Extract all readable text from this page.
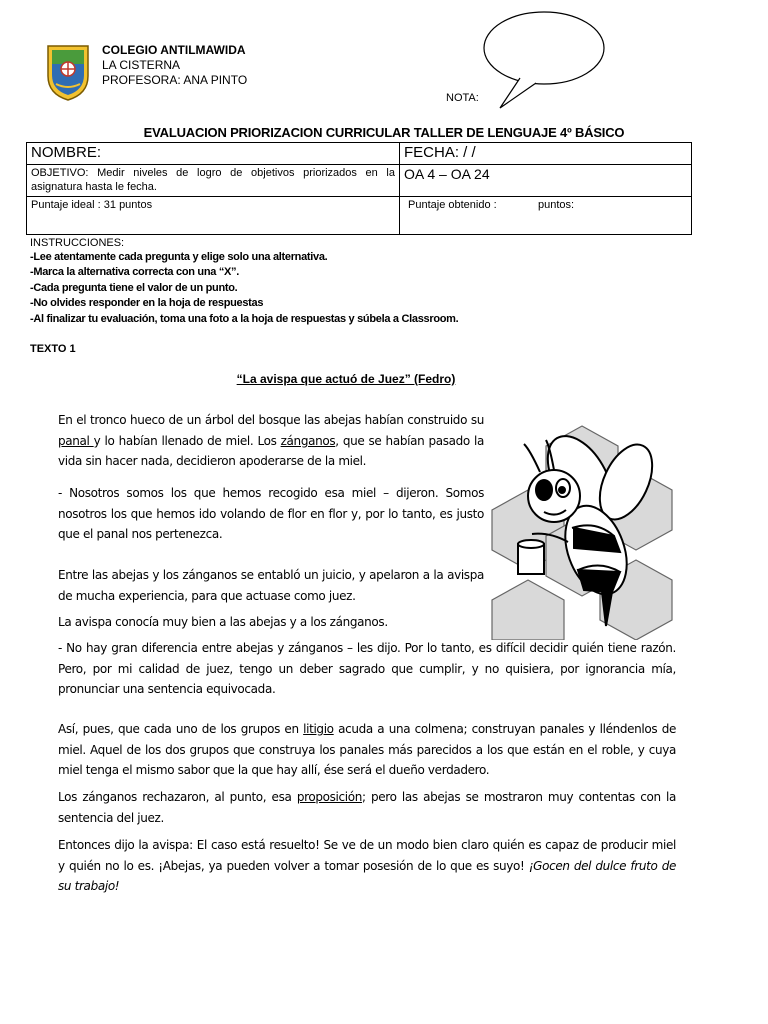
COLEGIO ANTILMAWIDA
LA CISTERNA
PROFESORA: ANA PINTO
NOTA:
EVALUACION PRIORIZACION CURRICULAR TALLER DE LENGUAJE 4º BÁSICO
NOMBRE:	FECHA: / /
OBJETIVO: Medir niveles de logro de objetivos priorizados en la asignatura hasta le fecha.	OA 4 – OA 24
Puntaje ideal : 31 puntos	Puntaje obtenido : puntos:
INSTRUCCIONES:
-Lee atentamente cada pregunta y elige solo una alternativa.
-Marca la alternativa correcta con una “X”.
-Cada pregunta tiene el valor de un punto.
-No olvides responder en la hoja de respuestas
-Al finalizar tu evaluación, toma una foto a la hoja de respuestas y súbela a Classroom.
TEXTO 1
“La avispa que actuó de Juez” (Fedro)
En el tronco hueco de un árbol del bosque las abejas habían construido su panal y lo habían llenado de miel. Los zánganos, que se habían pasado la vida sin hacer nada, decidieron apoderarse de la miel.
- Nosotros somos los que hemos recogido esa miel – dijeron. Somos nosotros los que hemos ido volando de flor en flor y, por lo tanto, es justo que el panal nos pertenezca.
Entre las abejas y los zánganos se entabló un juicio, y apelaron a la avispa de mucha experiencia, para que actuase como juez.
La avispa conocía muy bien a las abejas y a los zánganos.
- No hay gran diferencia entre abejas y zánganos – les dijo. Por lo tanto, es difícil decidir quién tiene razón. Pero, por mi calidad de juez, tengo un deber sagrado que cumplir, y no quisiera, por ignorancia mía, pronunciar una sentencia equivocada.
Así, pues, que cada uno de los grupos en litigio acuda a una colmena; construyan panales y lléndenlos de miel. Aquel de los dos grupos que construya los panales más parecidos a los que están en el roble, y cuya miel tenga el mismo sabor que la que hay allí, ése será el dueño verdadero.
Los zánganos rechazaron, al punto, esa proposición; pero las abejas se mostraron muy contentas con la sentencia del juez.
Entonces dijo la avispa: El caso está resuelto! Se ve de un modo bien claro quién es capaz de producir miel y quién no lo es. ¡Abejas, ya pueden volver a tomar posesión de lo que es suyo! ¡Gocen del dulce fruto de su trabajo!
